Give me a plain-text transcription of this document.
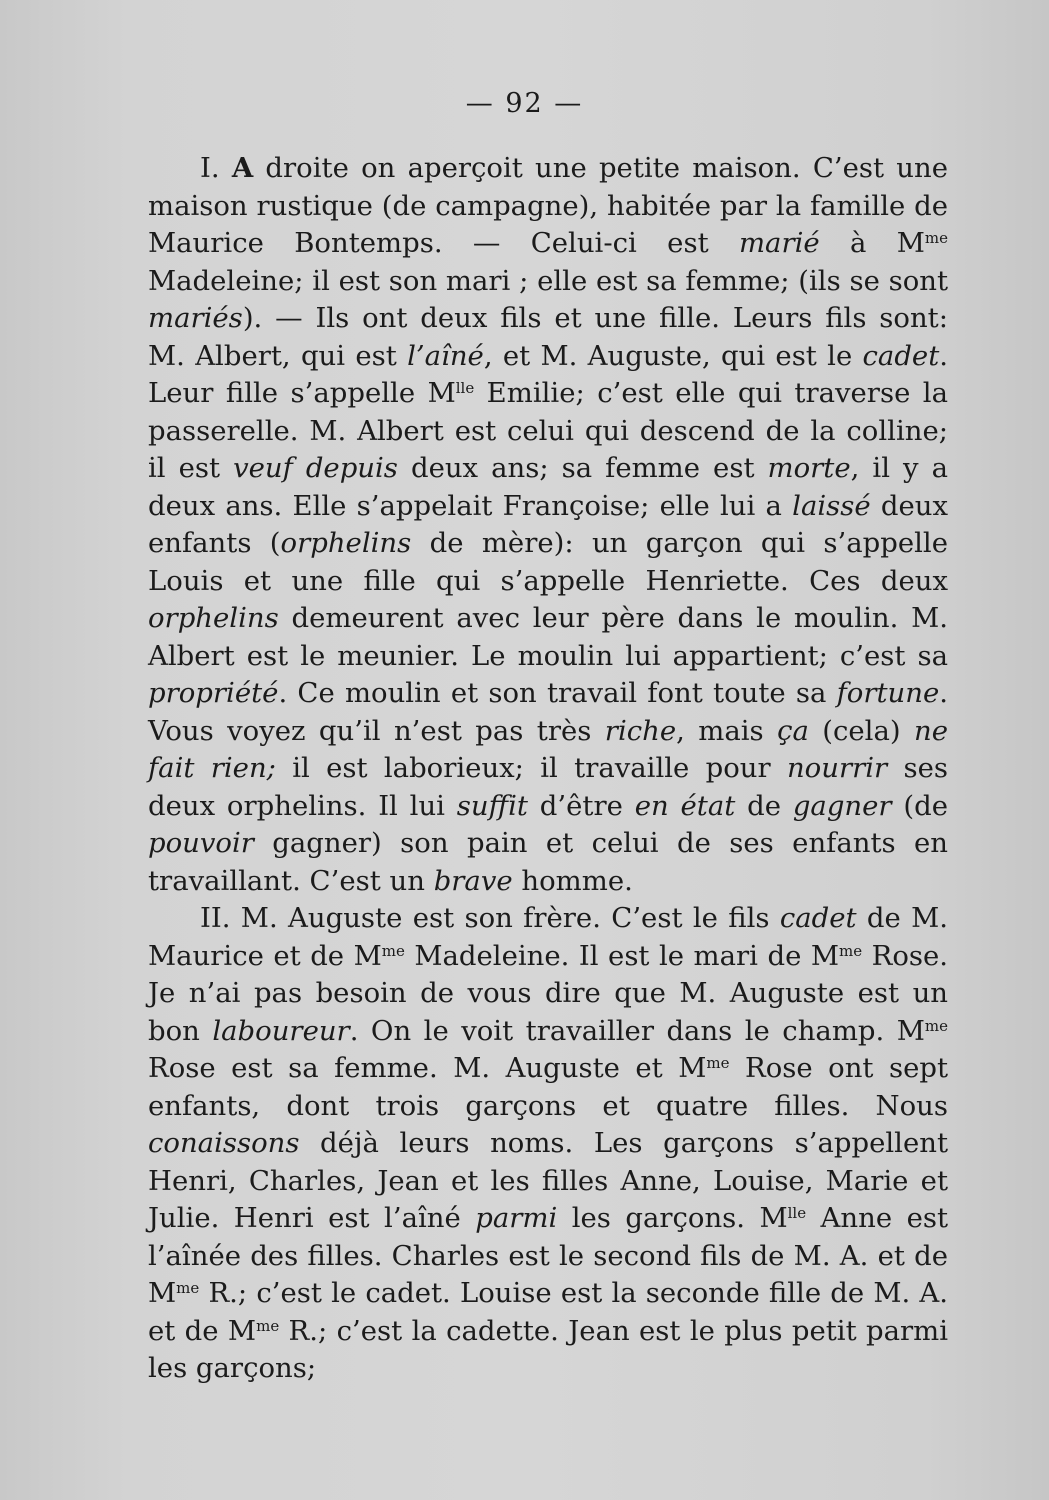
— 92 —

I. A droite on aperçoit une petite maison. C’est une maison rustique (de campagne), habitée par la famille de Maurice Bontemps. — Celui-ci est marié à $M^{me}$ Madeleine; il est son mari ; elle est sa femme; (ils se sont mariés). — Ils ont deux fils et une fille. Leurs fils sont: M. Albert, qui est l’aîné, et M. Auguste, qui est le cadet. Leur fille s’appelle $M^{lle}$ Emilie; c’est elle qui traverse la passerelle. M. Albert est celui qui descend de la colline; il est veuf depuis deux ans; sa femme est morte, il y a deux ans. Elle s’appelait Françoise; elle lui a laissé deux enfants (orphelins de mère): un garçon qui s’appelle Louis et une fille qui s’appelle Henriette. Ces deux orphelins demeurent avec leur père dans le moulin. M. Albert est le meunier. Le moulin lui appartient; c’est sa propriété. Ce moulin et son travail font toute sa fortune. Vous voyez qu’il n’est pas très riche, mais ça (cela) ne fait rien; il est laborieux; il travaille pour nourrir ses deux orphelins. Il lui suffit d’être en état de gagner (de pouvoir gagner) son pain et celui de ses enfants en travaillant. C’est un brave homme.

II. M. Auguste est son frère. C’est le fils cadet de M. Maurice et de $M^{me}$ Madeleine. Il est le mari de $M^{me}$ Rose. Je n’ai pas besoin de vous dire que M. Auguste est un bon laboureur. On le voit travailler dans le champ. $M^{me}$ Rose est sa femme. M. Auguste et $M^{me}$ Rose ont sept enfants, dont trois garçons et quatre filles. Nous conaissons déjà leurs noms. Les garçons s’appellent Henri, Charles, Jean et les filles Anne, Louise, Marie et Julie. Henri est l’aîné parmi les garçons. $M^{lle}$ Anne est l’aînée des filles. Charles est le second fils de M. A. et de $M^{me}$ R.; c’est le cadet. Louise est la seconde fille de M. A. et de $M^{me}$ R.; c’est la cadette. Jean est le plus petit parmi les garçons;
